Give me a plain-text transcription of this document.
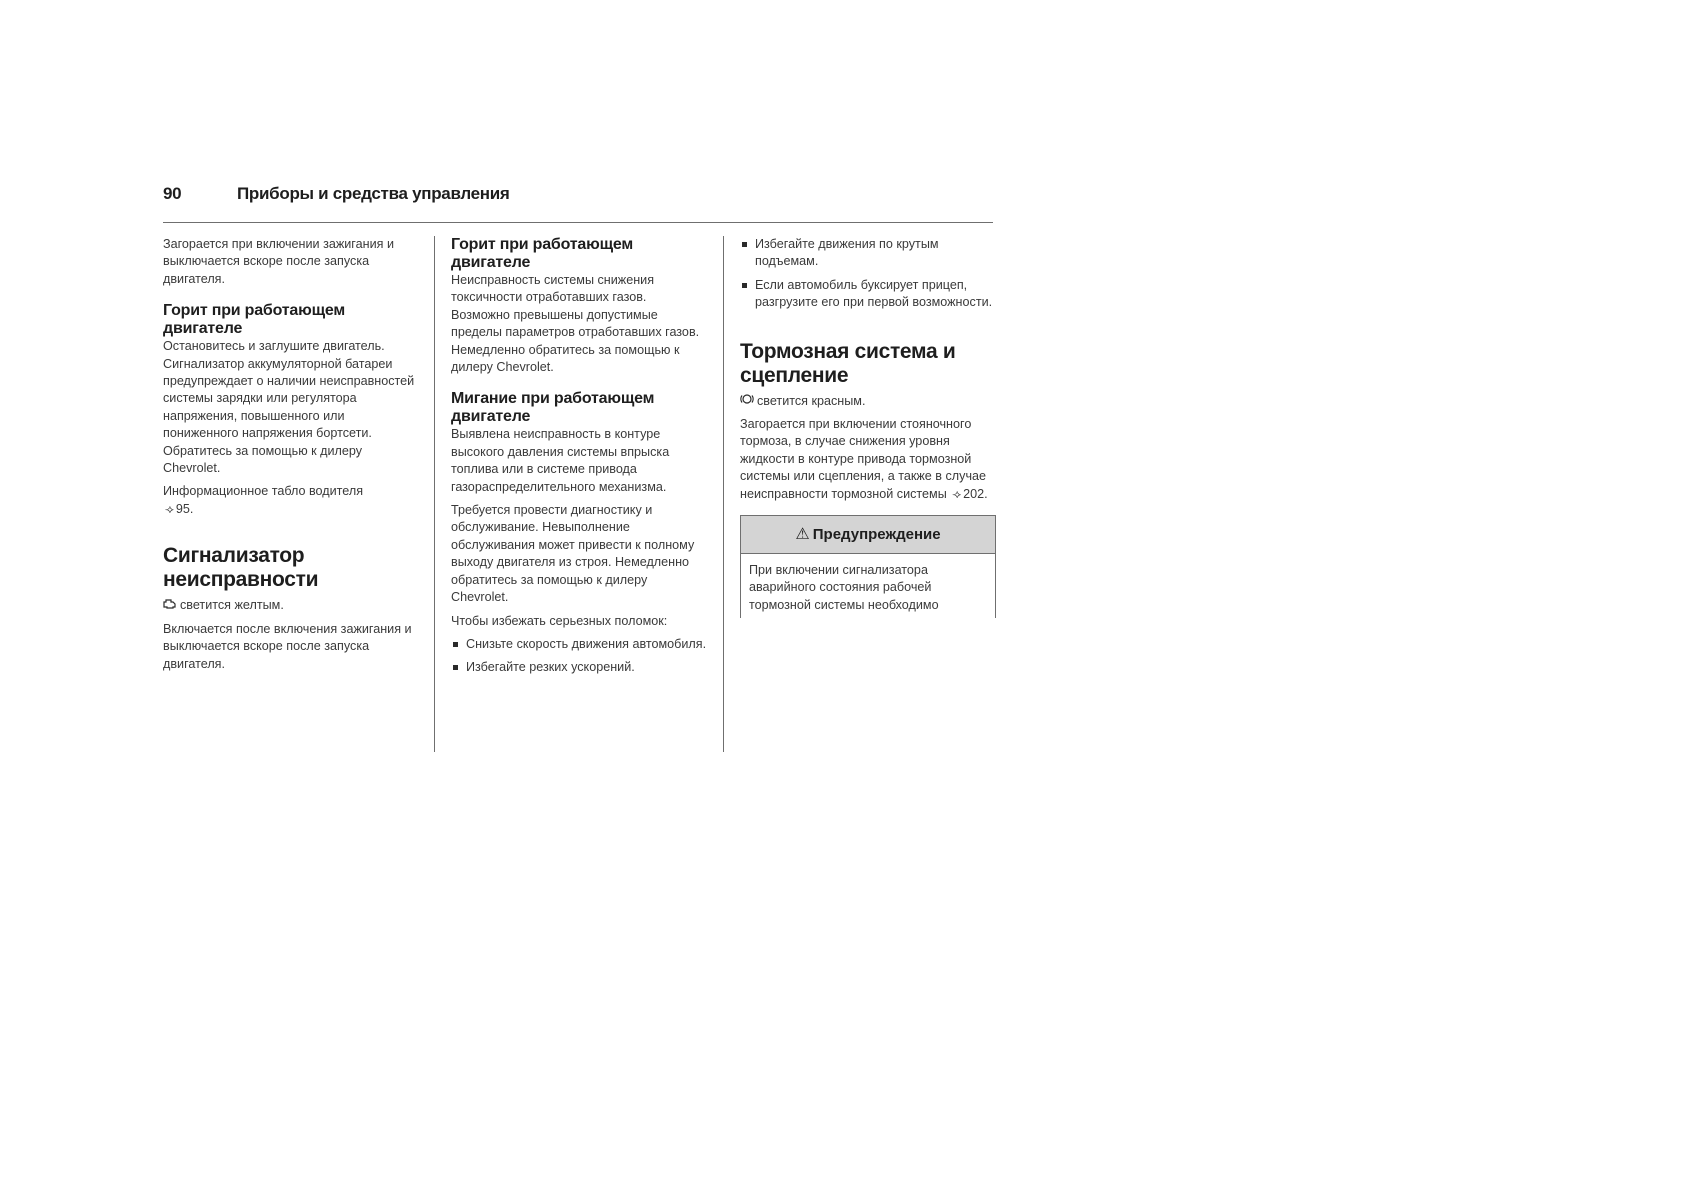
90	Приборы и средства управления

Загорается при включении зажигания и выключается вскоре после запуска двигателя.

Горит при работающем двигателе

Остановитесь и заглушите двигатель. Сигнализатор аккумуляторной батареи предупреждает о наличии неисправностей системы зарядки или регулятора напряжения, повышенного или пониженного напряжения бортсети. Обратитесь за помощью к дилеру Chevrolet.

Информационное табло водителя
⟢ 95.

Сигнализатор неисправности

светится желтым.

Включается после включения зажигания и выключается вскоре после запуска двигателя.

Горит при работающем двигателе

Неисправность системы снижения токсичности отработавших газов. Возможно превышены допустимые пределы параметров отработавших газов. Немедленно обратитесь за помощью к дилеру Chevrolet.

Мигание при работающем двигателе

Выявлена неисправность в контуре высокого давления системы впрыска топлива или в системе привода газораспределительного механизма.

Требуется провести диагностику и обслуживание. Невыполнение обслуживания может привести к полному выходу двигателя из строя. Немедленно обратитесь за помощью к дилеру Chevrolet.

Чтобы избежать серьезных поломок:

Снизьте скорость движения автомобиля.
Избегайте резких ускорений.
Избегайте движения по крутым подъемам.
Если автомобиль буксирует прицеп, разгрузите его при первой возможности.
Тормозная система и сцепление

светится красным.

Загорается при включении стояночного тормоза, в случае снижения уровня жидкости в контуре привода тормозной системы или сцепления, а также в случае неисправности тормозной системы ⟢ 202.

⚠ Предупреждение
При включении сигнализатора аварийного состояния рабочей тормозной системы необходимо
